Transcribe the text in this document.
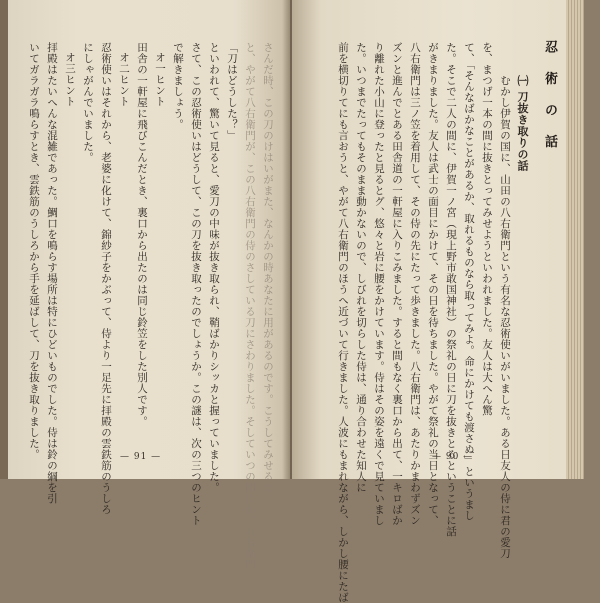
さんだ時、この刀のけはいがまた、なんかの時あなたに用があるのです。こうしてみせると、
と、やがて八右衛門が、この八右衛門の侍のさしている刀にさわりました。そしていつの間にか、八右衛門
「刀はどうした？」
といわれて、驚いて見ると、愛刀の中味が抜き取られ、鞘ばかりシッカと握っていました。
さて、この忍術使いはどうして、この刀を抜き取ったのでしょうか。この謎は、次の三つのヒント
で解きましょう。
オ一ヒント
田舎の一軒屋に飛びこんだとき、裏口から出たのは同じ鈴笠をした別人です。
オ二ヒント
忍術使いはそれから、老婆に化けて、錦紗子をかぶって、侍より一足先に拝殿の雲鉄筋のうしろ
にしゃがんでいました。
オ三ヒント
拝殿はたいへんな混雑であった。鯛口を鳴らす場所は特にひどいものでした。侍は鈴の綱を引
いてガラガラ鳴らすとき、雲鉄筋のうしろから手を延ばして、刀を抜き取りました。	— 91 —
忍 術 の 話
㈠ 刀抜き取りの話
むかし伊賀の国に、山田の八右衛門という有名な忍術使いがいました。ある日友人の侍に君の愛刀
を、まつげ一本の間に抜きとってみせようといわれました。友人は大へん驚
て、「そんなばかなことがあるか、取れるものなら取ってみよ。命にかけても渡さぬ」というまし
た。そこで二人の間に、伊賀一ノ宮（現上野市敢国神社）の祭礼の日に刀を抜きとるということに話
がきまりました。友人は武士の面目にかけて、その日を待ちました。やがて祭礼の当日となって、
八右衛門は三ノ笠を着用して、その侍の先にたって歩きました。八右衛門は、あたりかまわずズン
ズンと進んでとある田舎道の一軒屋に入りこみました。すると間もなく裏口から出て、一キロばか
り離れた小山に登ったと見るとグ、悠々と岩に腰をかけています。侍はその姿を遠くで見ていまし
た。いつまでたってもそのまま動かないので、しびれを切らした侍は、通り合わせた知人に
前を横切りてにも言おうと、やがて八右衛門のほうへ近づいて行きました。人波にもまれながら、しかし腰にたば	— 90 —
